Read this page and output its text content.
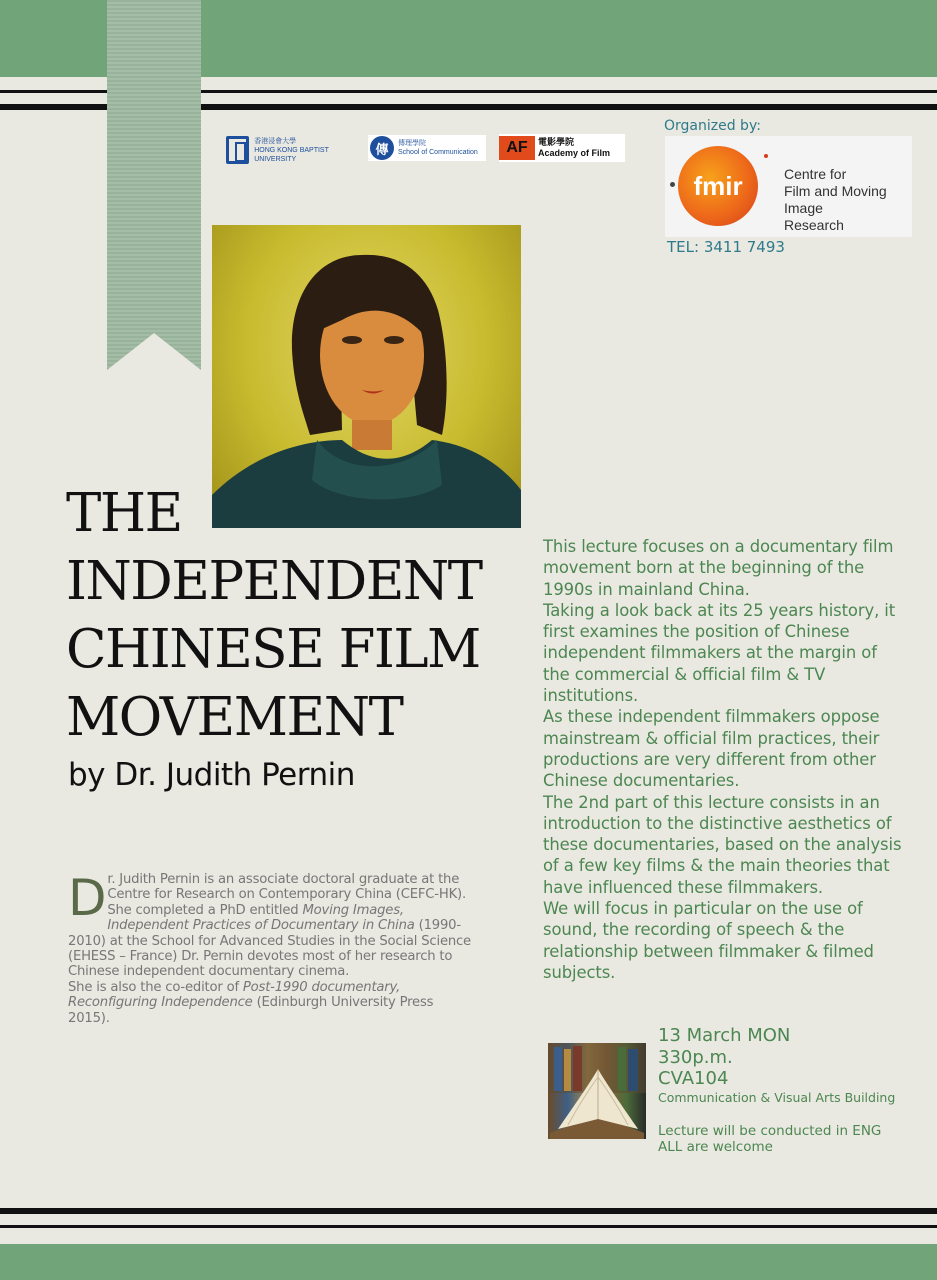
香港浸會大學
HONG KONG BAPTIST UNIVERSITY
傳	傳理學院
School of Communication	AF	電影學院
Academy of Film
Organized by:
fmir	Centre for
Film and Moving Image
Research
TEL: 3411 7493
THE
INDEPENDENT
CHINESE FILM
MOVEMENT
by Dr. Judith Pernin
D r. Judith Pernin is an associate doctoral graduate at the Centre for Research on Contemporary China (CEFC-HK).

She completed a PhD entitled Moving Images, Independent Practices of Documentary in China (1990-2010) at the School for Advanced Studies in the Social Science (EHESS – France) Dr. Pernin devotes most of her research to Chinese independent documentary cinema.

She is also the co-editor of Post-1990 documentary, Reconfiguring Independence (Edinburgh University Press 2015).

This lecture focuses on a documentary film movement born at the beginning of the 1990s in mainland China.

Taking a look back at its 25 years history, it first examines the position of Chinese independent filmmakers at the margin of the commercial & official film & TV institutions.

As these independent filmmakers oppose mainstream & official film practices, their productions are very different from other Chinese documentaries.

The 2nd part of this lecture consists in an introduction to the distinctive aesthetics of these documentaries, based on the analysis of a few key films & the main theories that have influenced these filmmakers.

We will focus in particular on the use of sound, the recording of speech & the relationship between filmmaker & filmed subjects.

13 March MON
330p.m.
CVA104
Communication & Visual Arts Building
Lecture will be conducted in ENG
ALL are welcome
